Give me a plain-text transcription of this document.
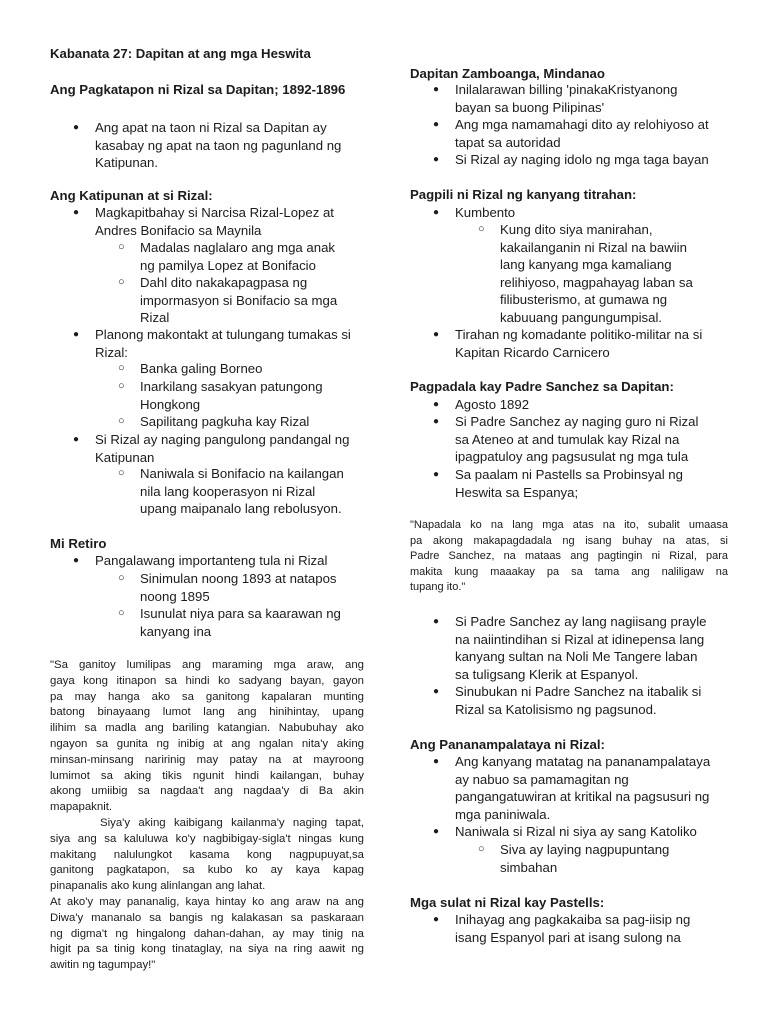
Kabanata 27: Dapitan at ang mga Heswita
Ang Pagkatapon ni Rizal sa Dapitan; 1892-1896
● Ang apat na taon ni Rizal sa Dapitan ay
kasabay ng apat na taon ng pagunland ng
Katipunan.
Ang Katipunan at si Rizal:
● Magkapitbahay si Narcisa Rizal-Lopez at
Andres Bonifacio sa Maynila
○ Madalas naglalaro ang mga anak
ng pamilya Lopez at Bonifacio
○ Dahl dito nakakapagpasa ng
impormasyon si Bonifacio sa mga
Rizal
● Planong makontakt at tulungang tumakas si
Rizal:
○ Banka galing Borneo
○ Inarkilang sasakyan patungong
Hongkong
○ Sapilitang pagkuha kay Rizal
● Si Rizal ay naging pangulong pandangal ng
Katipunan
○ Naniwala si Bonifacio na kailangan
nila lang kooperasyon ni Rizal
upang maipanalo lang rebolusyon.
Mi Retiro
● Pangalawang importanteng tula ni Rizal
○ Sinimulan noong 1893 at natapos
noong 1895
○ Isunulat niya para sa kaarawan ng
kanyang ina

"Sa ganitoy lumilipas ang maraming mga araw, ang

gaya kong itinapon sa hindi ko sadyang bayan, gayon

pa may hanga ako sa ganitong kapalaran munting

batong binayaang lumot lang ang hinihintay, upang

ilihim sa madla ang bariling katangian. Nabubuhay ako

ngayon sa gunita ng inibig at ang ngalan nita'y aking

minsan-minsang naririnig may patay na at mayroong

lumimot sa aking tikis ngunit hindi kailangan, buhay

akong umiibig sa nagdaa't ang nagdaa'y di Ba akin

mapapaknit.

Siya'y aking kaibigang kailanma'y naging tapat,

siya ang sa kaluluwa ko'y nagbibigay-sigla't ningas kung

makitang nalulungkot kasama kong nagpupuyat,sa

ganitong pagkatapon, sa kubo ko ay kaya kapag

pinapanalis ako kung alinlangan ang lahat.

At ako'y may pananalig, kaya hintay ko ang araw na ang

Diwa'y mananalo sa bangis ng kalakasan sa paskaraan

ng digma't ng hingalong dahan-dahan, ay may tinig na

higit pa sa tinig kong tinataglay, na siya na ring aawit ng

awitin ng tagumpay!"

Dapitan Zamboanga, Mindanao
● Inilalarawan billing 'pinakaKristyanong
bayan sa buong Pilipinas'
● Ang mga namamahagi dito ay relohiyoso at
tapat sa autoridad
● Si Rizal ay naging idolo ng mga taga bayan
Pagpili ni Rizal ng kanyang titrahan:
● Kumbento
○ Kung dito siya manirahan,
kakailanganin ni Rizal na bawiin
lang kanyang mga kamaliang
relihiyoso, magpahayag laban sa
filibusterismo, at gumawa ng
kabuuang pangungumpisal.
● Tirahan ng komadante politiko-militar na si
Kapitan Ricardo Carnicero
Pagpadala kay Padre Sanchez sa Dapitan:
● Agosto 1892
● Si Padre Sanchez ay naging guro ni Rizal
sa Ateneo at and tumulak kay Rizal na
ipagpatuloy ang pagsusulat ng mga tula
● Sa paalam ni Pastells sa Probinsyal ng
Heswita sa Espanya;

"Napadala ko na lang mga atas na ito, subalit umaasa

pa akong makapagdadala ng isang buhay na atas, si

Padre Sanchez, na mataas ang pagtingin ni Rizal, para

makita kung maaakay pa sa tama ang naliligaw na

tupang ito."

● Si Padre Sanchez ay lang nagiisang prayle
na naiintindihan si Rizal at idinepensa lang
kanyang sultan na Noli Me Tangere laban
sa tuligsang Klerik at Espanyol.
● Sinubukan ni Padre Sanchez na itabalik si
Rizal sa Katolisismo ng pagsunod.
Ang Pananampalataya ni Rizal:
● Ang kanyang matatag na pananampalataya
ay nabuo sa pamamagitan ng
pangangatuwiran at kritikal na pagsusuri ng
mga paniniwala.
● Naniwala si Rizal ni siya ay sang Katoliko
○ Siva ay laying nagpupuntang
simbahan
Mga sulat ni Rizal kay Pastells:
● Inihayag ang pagkakaiba sa pag-iisip ng
isang Espanyol pari at isang sulong na
